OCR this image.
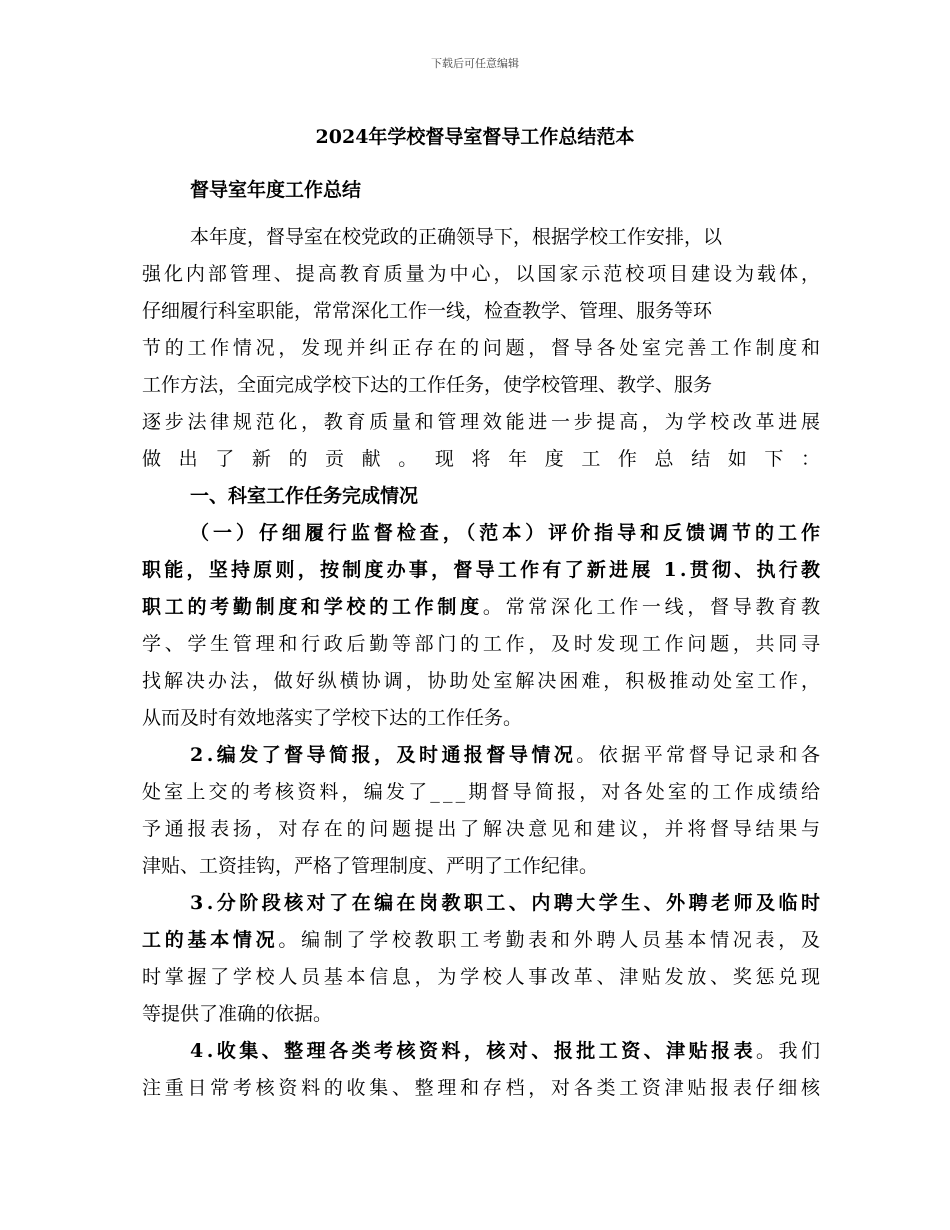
下载后可任意编辑
2024年学校督导室督导工作总结范本
督导室年度工作总结
本年度，督导室在校党政的正确领导下，根据学校工作安排，以
强化内部管理、提高教育质量为中心，以国家示范校项目建设为载体，
仔细履行科室职能，常常深化工作一线，检查教学、管理、服务等环
节的工作情况，发现并纠正存在的问题，督导各处室完善工作制度和
工作方法，全面完成学校下达的工作任务，使学校管理、教学、服务
逐步法律规范化，教育质量和管理效能进一步提高，为学校改革进展
做出了新的贡献。现将年度工作总结如下：
一、科室工作任务完成情况
（一）仔细履行监督检查，（范本）评价指导和反馈调节的工作
职能，坚持原则，按制度办事，督导工作有了新进展 1.贯彻、执行教
职工的考勤制度和学校的工作制度。常常深化工作一线，督导教育教
学、学生管理和行政后勤等部门的工作，及时发现工作问题，共同寻
找解决办法，做好纵横协调，协助处室解决困难，积极推动处室工作，
从而及时有效地落实了学校下达的工作任务。
2.编发了督导简报，及时通报督导情况。依据平常督导记录和各
处室上交的考核资料，编发了___期督导简报，对各处室的工作成绩给
予通报表扬，对存在的问题提出了解决意见和建议，并将督导结果与
津贴、工资挂钩，严格了管理制度、严明了工作纪律。
3.分阶段核对了在编在岗教职工、内聘大学生、外聘老师及临时
工的基本情况。编制了学校教职工考勤表和外聘人员基本情况表，及
时掌握了学校人员基本信息，为学校人事改革、津贴发放、奖惩兑现
等提供了准确的依据。
4.收集、整理各类考核资料，核对、报批工资、津贴报表。我们
注重日常考核资料的收集、整理和存档，对各类工资津贴报表仔细核
